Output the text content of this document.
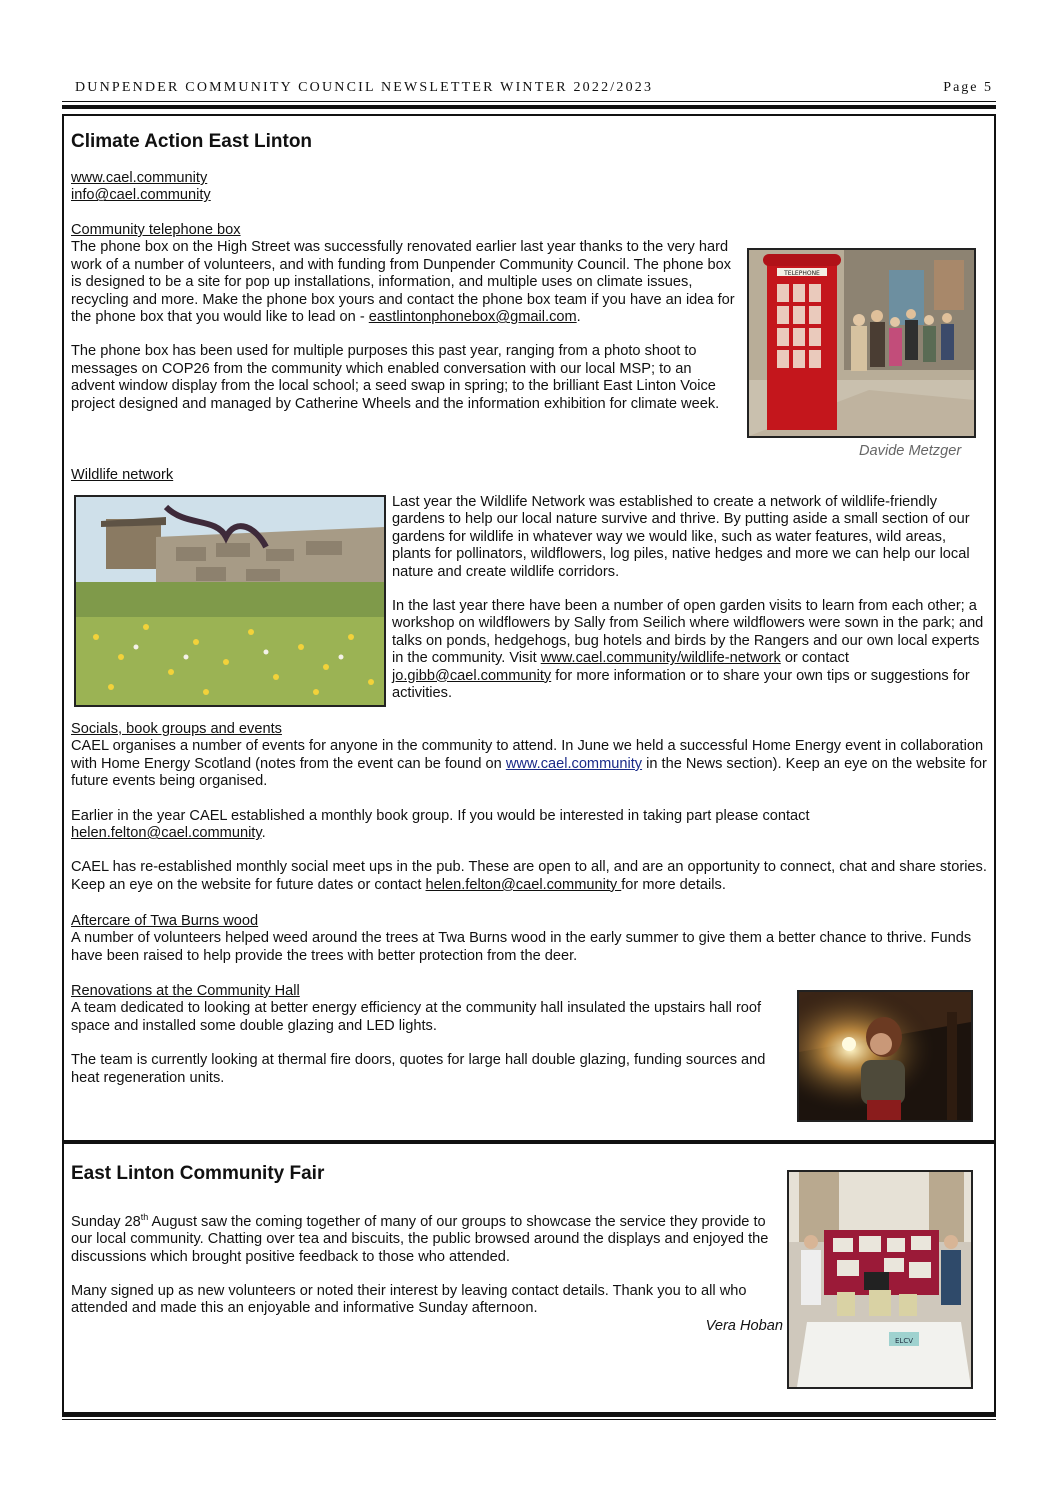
DUNPENDER COMMUNITY COUNCIL NEWSLETTER WINTER 2022/2023	Page 5
Climate Action East Linton

www.cael.community

info@cael.community

Community telephone box

The phone box on the High Street was successfully renovated earlier last year thanks to the very hard work of a number of volunteers, and with funding from Dunpender Community Council. The phone box is designed to be a site for pop up installations, information, and multiple uses on climate issues, recycling and more. Make the phone box yours and contact the phone box team if you have an idea for the phone box that you would like to lead on - eastlintonphonebox@gmail.com.

The phone box has been used for multiple purposes this past year, ranging from a photo shoot to messages on COP26 from the community which enabled conversation with our local MSP; to an advent window display from the local school; a seed swap in spring; to the brilliant East Linton Voice project designed and managed by Catherine Wheels and the information exhibition for climate week.

TELEPHONE
Davide Metzger

Wildlife network

Last year the Wildlife Network was established to create a network of wildlife-friendly gardens to help our local nature survive and thrive. By putting aside a small section of our gardens for wildlife in whatever way we would like, such as water features, wild areas, plants for pollinators, wildflowers, log piles, native hedges and more we can help our local nature and create wildlife corridors.

In the last year there have been a number of open garden visits to learn from each other; a workshop on wildflowers by Sally from Seilich where wildflowers were sown in the park; and talks on ponds, hedgehogs, bug hotels and birds by the Rangers and our own local experts in the community. Visit www.cael.community/wildlife-network or contact jo.gibb@cael.community for more information or to share your own tips or suggestions for activities.

Socials, book groups and events

CAEL organises a number of events for anyone in the community to attend. In June we held a successful Home Energy event in collaboration with Home Energy Scotland (notes from the event can be found on www.cael.community in the News section). Keep an eye on the website for future events being organised.

Earlier in the year CAEL established a monthly book group. If you would be interested in taking part please contact helen.felton@cael.community.

CAEL has re-established monthly social meet ups in the pub. These are open to all, and are an opportunity to connect, chat and share stories. Keep an eye on the website for future dates or contact helen.felton@cael.community for more details.

Aftercare of Twa Burns wood

A number of volunteers helped weed around the trees at Twa Burns wood in the early summer to give them a better chance to thrive. Funds have been raised to help provide the trees with better protection from the deer.

Renovations at the Community Hall

A team dedicated to looking at better energy efficiency at the community hall insulated the upstairs hall roof space and installed some double glazing and LED lights.

The team is currently looking at thermal fire doors, quotes for large hall double glazing, funding sources and heat regeneration units.

East Linton Community Fair

Sunday 28th August saw the coming together of many of our groups to showcase the service they provide to our local community. Chatting over tea and biscuits, the public browsed around the displays and enjoyed the discussions which brought positive feedback to those who attended.

Many signed up as new volunteers or noted their interest by leaving contact details. Thank you to all who attended and made this an enjoyable and informative Sunday afternoon.

Vera Hoban

ELCV
